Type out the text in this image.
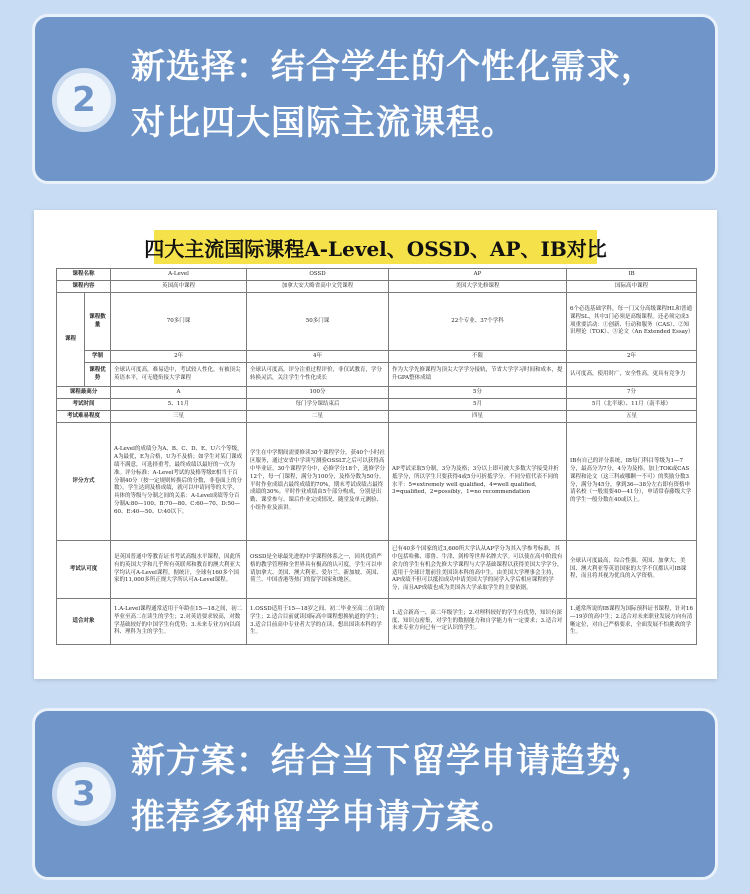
2
新选择：结合学生的个性化需求，
对比四大国际主流课程。
四大主流国际课程A-Level、OSSD、AP、IB对比
课程名称		A-Level	OSSD	AP	IB
课程内容		英国高中课程	加拿大安大略省高中文凭课程	美国大学先修课程	国际高中课程
课程	课程数量	70多门课	50多门课	22个专业、37个学科	6个必选基础学科，每一门又分高级课程HL和普通课程SL，其中3门必须是高级课程。还必须完成3项重要活动：①创新、行动和服务（CAS）、②知识理论（TOK）、③论文（An Extended Essay）
	学制	2年	4年	不限	2年
	课程优势	全球认可度高，难易适中，考试较人性化，有被顶尖英语本平，可无缝衔接大学课程	全球认可度高，评分注重过程评价，非仅试教育，学分转换灵活，关注学生个性化成长	作为大学先修课程为顶尖大学学分接轨，节省大学学习时间和成本，提升GPA整体成绩	认可度高，使用时广，安全性高，更具有竞争力
课程最高分		A	100分	5分	7分
考试时间		5、11月	每门学分课结束后	5月	5月（北半球）、11月（南半球）
考试难易程度		三星	二星	四星	五星
评分方式		A-Level的成绩分为A、B、C、D、E、U六个等级，A为最优，E为合格，U为不及格；如学生对某门课成绩不满意，可选择重考，最终成绩以最好的一次为准。评分标准：A-Level考试的及格等级E相当于百分制40分（按一定规则转换后的分数，非卷面上的分数）。学生达到及格成绩，就可以申请同等的大学，具体的等级与分制之间的关系：A-Level成绩等分百分制A:80—100、B:70—80、C:60—70、D:50—60、E:40—50、U:40以下。	学生在中学期间需要修读30个课程学分，获40个小时社区服务，通过安省中学读写测验OSSLT之后可以获得高中毕业证。30个课程学分中，必修学分18个，选修学分12个，每一门课程，满分为100分，及格分数为50分。平时作业成绩占最终成绩的70%，期末考试成绩占最终成绩的30%。平时作业成绩由5个部分构成，分别是出勤、课堂参与、课后作业完成情况、随堂及单元测验、小组作业及演讲。	AP考试采取5分制，3分为及格；3分以上即可被大多数大学接受并折抵学分，所以学生只要获得4或5分可折抵学分。不同分值代表不同的水平：5=extremely well qualified，4=well qualified，3=qualified，2=possibly，1=no recommendation	IB有自己的评分系统，IB每门科目等级为1—7分，最高分为7分，4分为及格。加上TOK或CAS课程和论文（这三科或哪颗一不可）的奖励分数3分，满分为45分，拿到36—38分左右即有资格申请名校（一般需要40—41分），申请常春藤级大学的学生一般分数在40或以上。
考试认可度		是英国普通中等教育证书考试高级水平课程，因此所有的英国大学和几乎所有英联邦和教育的澳大利亚大学均认可A-Level课程。据统计，全球有160多个国家的11,000多所正规大学所认可A-Level课程。	OSSD是全球最先进的中学课程体系之一，因其优质严格的教学管理和全世界具有极高的认可度，学生可以申请加拿大、美国、澳大利亚、爱尔兰、新加坡、英国、荷兰、中国香港等热门的留学国家和地区。	已有40多个国家的近3,600所大学认从AP学分为其入学参考标准，其中包括哈佛、耶鲁、牛津、剑桥等世界名牌大学。可以使在高中阶段有余力的学生有机会先修大学课程与大学基础课程以获得美国大学学分，适用于全球计划前往美国读本科的高中生。由美国大学理事会主持，AP成绩不但可以抵扣成功申请美国大学的同学入学后相应课程的学分，而且AP成绩也成为美国各大学录取学生的主要依据。	全球认可度最高，综合性强。英国、加拿大、美国、澳大利亚等英语国家的大学不仅都认可IB课程，而且将其视为优良的入学资格。
适合对象		1.A-Level课程通常适用于年龄在15—18之间，初二毕业至高二在读生的学生；2.对英语要求较高，对数学基础较好的中国学生有优势；3.未来专业方向以商科、理科为主的学生。	1.OSSD适用于15—18岁之间、初二毕业至高二在读的学生；2.适合目前就读国际高中课程想换轨道的学生；3.适合目前高中专业者大学的在读、想出国读本科的学生。	1.适合新高一、高二年级学生；2.对理科较好的学生有优势，知识有深度、知识点密集，对学生的数据能力和自学能力有一定要求；3.适合对未来专业方向已有一定认识的学生。	1.通常所说的IB课程为国际预科证书课程，针对16—19岁的高中生；2.适合对未来职业发展方向有清晰定位，对自己严格要求，全面发展不怕挑战的学生。
3
新方案：结合当下留学申请趋势，
推荐多种留学申请方案。
